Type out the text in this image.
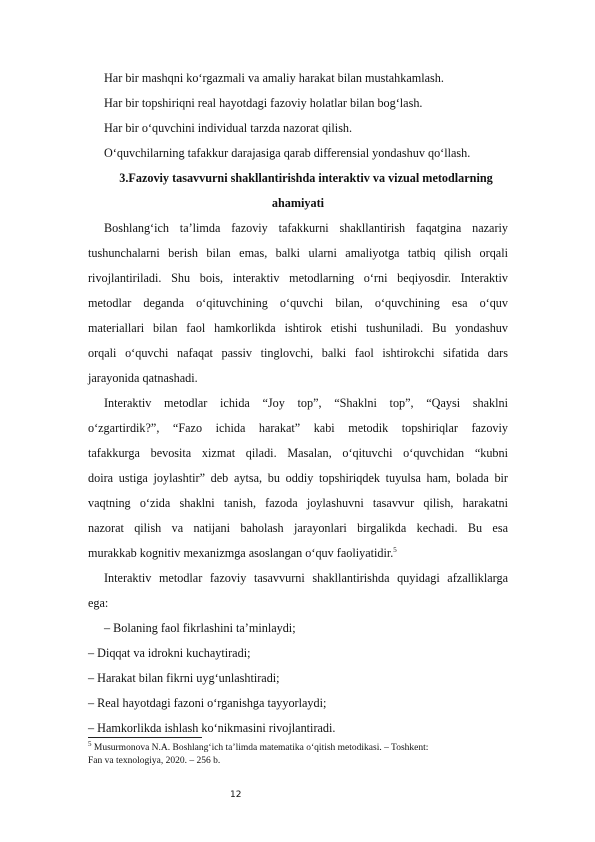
Har bir mashqni ko‘rgazmali va amaliy harakat bilan mustahkamlash.
Har bir topshiriqni real hayotdagi fazoviy holatlar bilan bog‘lash.
Har bir o‘quvchini individual tarzda nazorat qilish.
O‘quvchilarning tafakkur darajasiga qarab differensial yondashuv qo‘llash.
3.Fazoviy tasavvurni shakllantirishda interaktiv va vizual metodlarning
ahamiyati
Boshlang‘ich ta’limda fazoviy tafakkurni shakllantirish faqatgina nazariy
tushunchalarni berish bilan emas, balki ularni amaliyotga tatbiq qilish orqali
rivojlantiriladi. Shu bois, interaktiv metodlarning o‘rni beqiyosdir. Interaktiv
metodlar deganda o‘qituvchining o‘quvchi bilan, o‘quvchining esa o‘quv
materiallari bilan faol hamkorlikda ishtirok etishi tushuniladi. Bu yondashuv
orqali o‘quvchi nafaqat passiv tinglovchi, balki faol ishtirokchi sifatida dars
jarayonida qatnashadi.
Interaktiv metodlar ichida “Joy top”, “Shaklni top”, “Qaysi shaklni
o‘zgartirdik?”, “Fazo ichida harakat” kabi metodik topshiriqlar fazoviy
tafakkurga bevosita xizmat qiladi. Masalan, o‘qituvchi o‘quvchidan “kubni
doira ustiga joylashtir” deb aytsa, bu oddiy topshiriqdek tuyulsa ham, bolada bir
vaqtning o‘zida shaklni tanish, fazoda joylashuvni tasavvur qilish, harakatni
nazorat qilish va natijani baholash jarayonlari birgalikda kechadi. Bu esa
murakkab kognitiv mexanizmga asoslangan o‘quv faoliyatidir.$^5$
Interaktiv metodlar fazoviy tasavvurni shakllantirishda quyidagi afzalliklarga
ega:
– Bolaning faol fikrlashini ta’minlaydi;
– Diqqat va idrokni kuchaytiradi;
– Harakat bilan fikrni uyg‘unlashtiradi;
– Real hayotdagi fazoni o‘rganishga tayyorlaydi;
– Hamkorlikda ishlash ko‘nikmasini rivojlantiradi.
$^5$ Musurmonova N.A. Boshlang‘ich ta’limda matematika o‘qitish metodikasi. – Toshkent:
Fan va texnologiya, 2020. – 256 b.
12
